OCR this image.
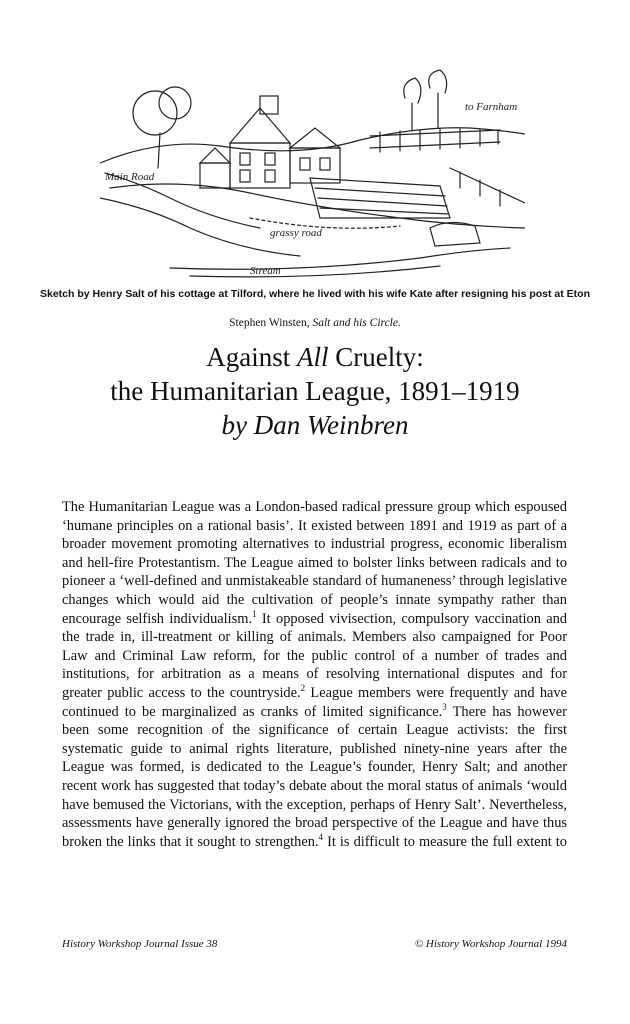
Main Road
grassy road
Stream
to Farnham
Sketch by Henry Salt of his cottage at Tilford, where he lived with his wife Kate after resigning his post at Eton
Stephen Winsten, Salt and his Circle.
Against All Cruelty:
the Humanitarian League, 1891–1919
by Dan Weinbren
The Humanitarian League was a London-based radical pressure group which espoused ‘humane principles on a rational basis’. It existed between 1891 and 1919 as part of a broader movement promoting alternatives to industrial progress, economic liberalism and hell-fire Protestantism. The League aimed to bolster links between radicals and to pioneer a ‘well-defined and unmistakeable standard of humaneness’ through legislative changes which would aid the cultivation of people’s innate sympathy rather than encourage selfish individualism.$^1$ It opposed vivisection, compulsory vaccination and the trade in, ill-treatment or killing of animals. Members also campaigned for Poor Law and Criminal Law reform, for the public control of a number of trades and institutions, for arbitration as a means of resolving international disputes and for greater public access to the countryside.$^2$ League members were frequently and have continued to be marginalized as cranks of limited significance.$^3$ There has however been some recognition of the significance of certain League activists: the first systematic guide to animal rights literature, published ninety-nine years after the League was formed, is dedicated to the League’s founder, Henry Salt; and another recent work has suggested that today’s debate about the moral status of animals ‘would have bemused the Victorians, with the exception, perhaps of Henry Salt’. Nevertheless, assessments have generally ignored the broad perspective of the League and have thus broken the links that it sought to strengthen.$^4$ It is difficult to measure the full extent to
History Workshop Journal Issue 38	© History Workshop Journal 1994
